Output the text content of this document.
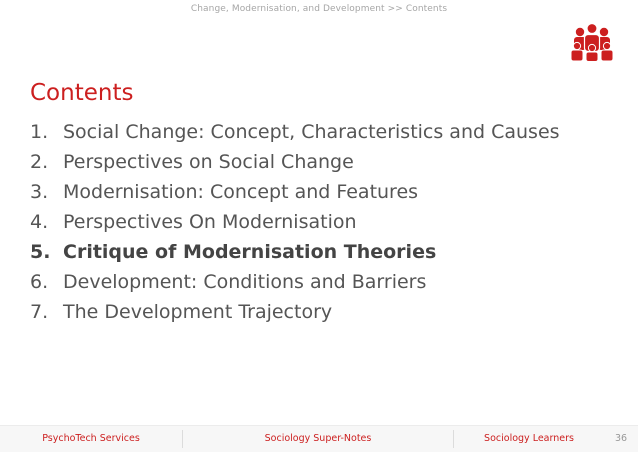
Change, Modernisation, and Development >> Contents
Contents
1. Social Change: Concept, Characteristics and Causes
2. Perspectives on Social Change
3. Modernisation: Concept and Features
4. Perspectives On Modernisation
5. Critique of Modernisation Theories
6. Development: Conditions and Barriers
7. The Development Trajectory
PsychoTech Services	Sociology Super-Notes	Sociology Learners	36
